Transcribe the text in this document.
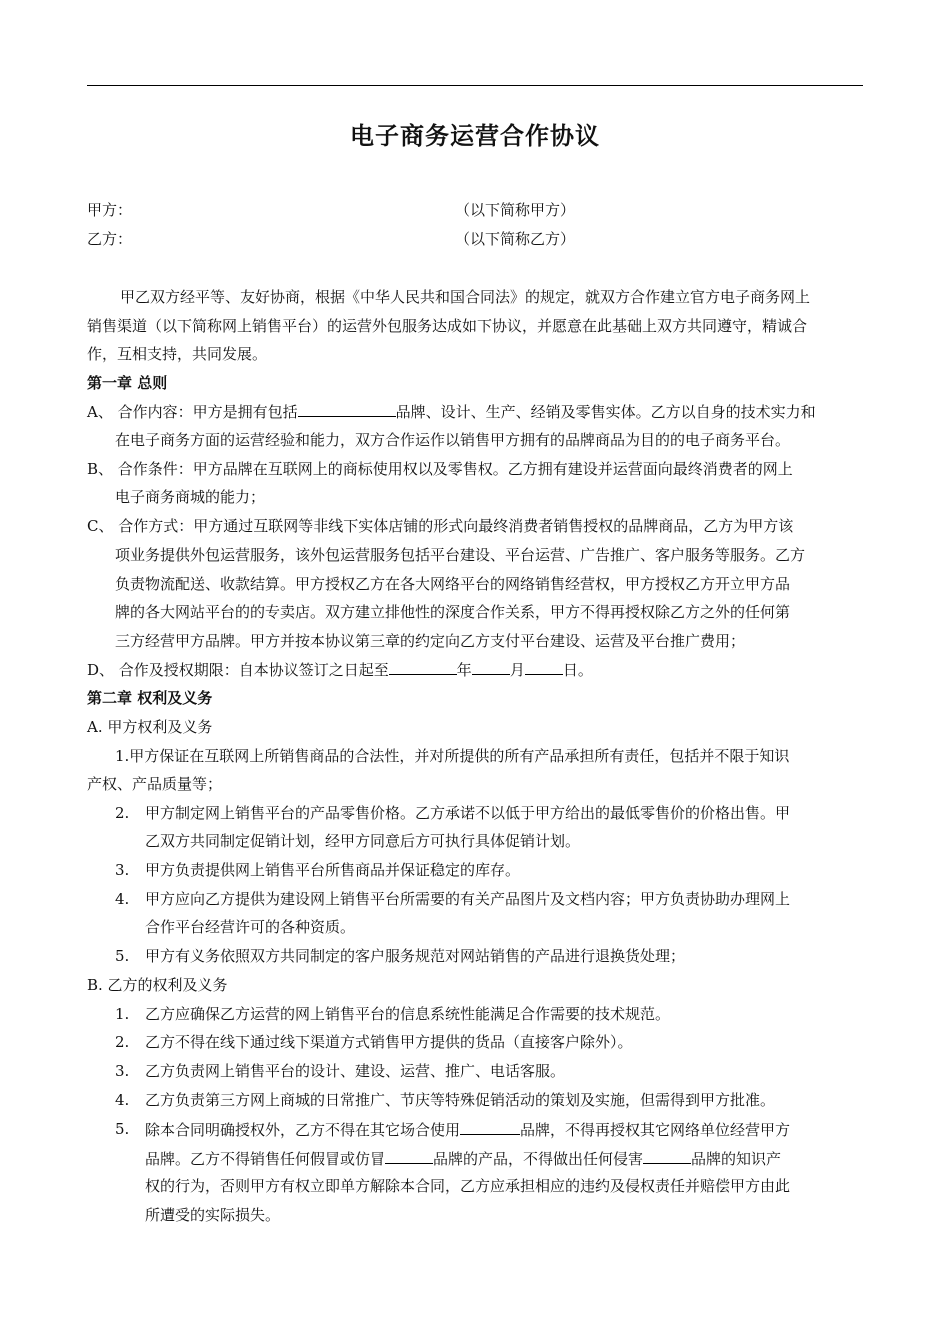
电子商务运营合作协议
甲方：	（以下简称甲方）
乙方：	（以下简称乙方）
甲乙双方经平等、友好协商，根据《中华人民共和国合同法》的规定，就双方合作建立官方电子商务网上
销售渠道（以下简称网上销售平台）的运营外包服务达成如下协议，并愿意在此基础上双方共同遵守，精诚合
作，互相支持，共同发展。
第一章 总则
A、 合作内容：甲方是拥有包括	品牌、设计、生产、经销及零售实体。乙方以自身的技术实力和
在电子商务方面的运营经验和能力，双方合作运作以销售甲方拥有的品牌商品为目的的电子商务平台。
B、 合作条件：甲方品牌在互联网上的商标使用权以及零售权。乙方拥有建设并运营面向最终消费者的网上
电子商务商城的能力；
C、 合作方式：甲方通过互联网等非线下实体店铺的形式向最终消费者销售授权的品牌商品，乙方为甲方该
项业务提供外包运营服务，该外包运营服务包括平台建设、平台运营、广告推广、客户服务等服务。乙方
负责物流配送、收款结算。甲方授权乙方在各大网络平台的网络销售经营权，甲方授权乙方开立甲方品
牌的各大网站平台的的专卖店。双方建立排他性的深度合作关系，甲方不得再授权除乙方之外的任何第
三方经营甲方品牌。甲方并按本协议第三章的约定向乙方支付平台建设、运营及平台推广费用；
D、 合作及授权期限：自本协议签订之日起至	年	月	日。
第二章 权利及义务
A. 甲方权利及义务
1.甲方保证在互联网上所销售商品的合法性，并对所提供的所有产品承担所有责任，包括并不限于知识
产权、产品质量等；
2. 甲方制定网上销售平台的产品零售价格。乙方承诺不以低于甲方给出的最低零售价的价格出售。甲
乙双方共同制定促销计划，经甲方同意后方可执行具体促销计划。
3. 甲方负责提供网上销售平台所售商品并保证稳定的库存。
4. 甲方应向乙方提供为建设网上销售平台所需要的有关产品图片及文档内容；甲方负责协助办理网上
合作平台经营许可的各种资质。
5. 甲方有义务依照双方共同制定的客户服务规范对网站销售的产品进行退换货处理；
B. 乙方的权利及义务
1. 乙方应确保乙方运营的网上销售平台的信息系统性能满足合作需要的技术规范。
2. 乙方不得在线下通过线下渠道方式销售甲方提供的货品（直接客户除外）。
3. 乙方负责网上销售平台的设计、建设、运营、推广、电话客服。
4. 乙方负责第三方网上商城的日常推广、节庆等特殊促销活动的策划及实施，但需得到甲方批准。
5. 除本合同明确授权外，乙方不得在其它场合使用	品牌，不得再授权其它网络单位经营甲方
品牌。乙方不得销售任何假冒或仿冒	品牌的产品，不得做出任何侵害	品牌的知识产
权的行为，否则甲方有权立即单方解除本合同，乙方应承担相应的违约及侵权责任并赔偿甲方由此
所遭受的实际损失。
